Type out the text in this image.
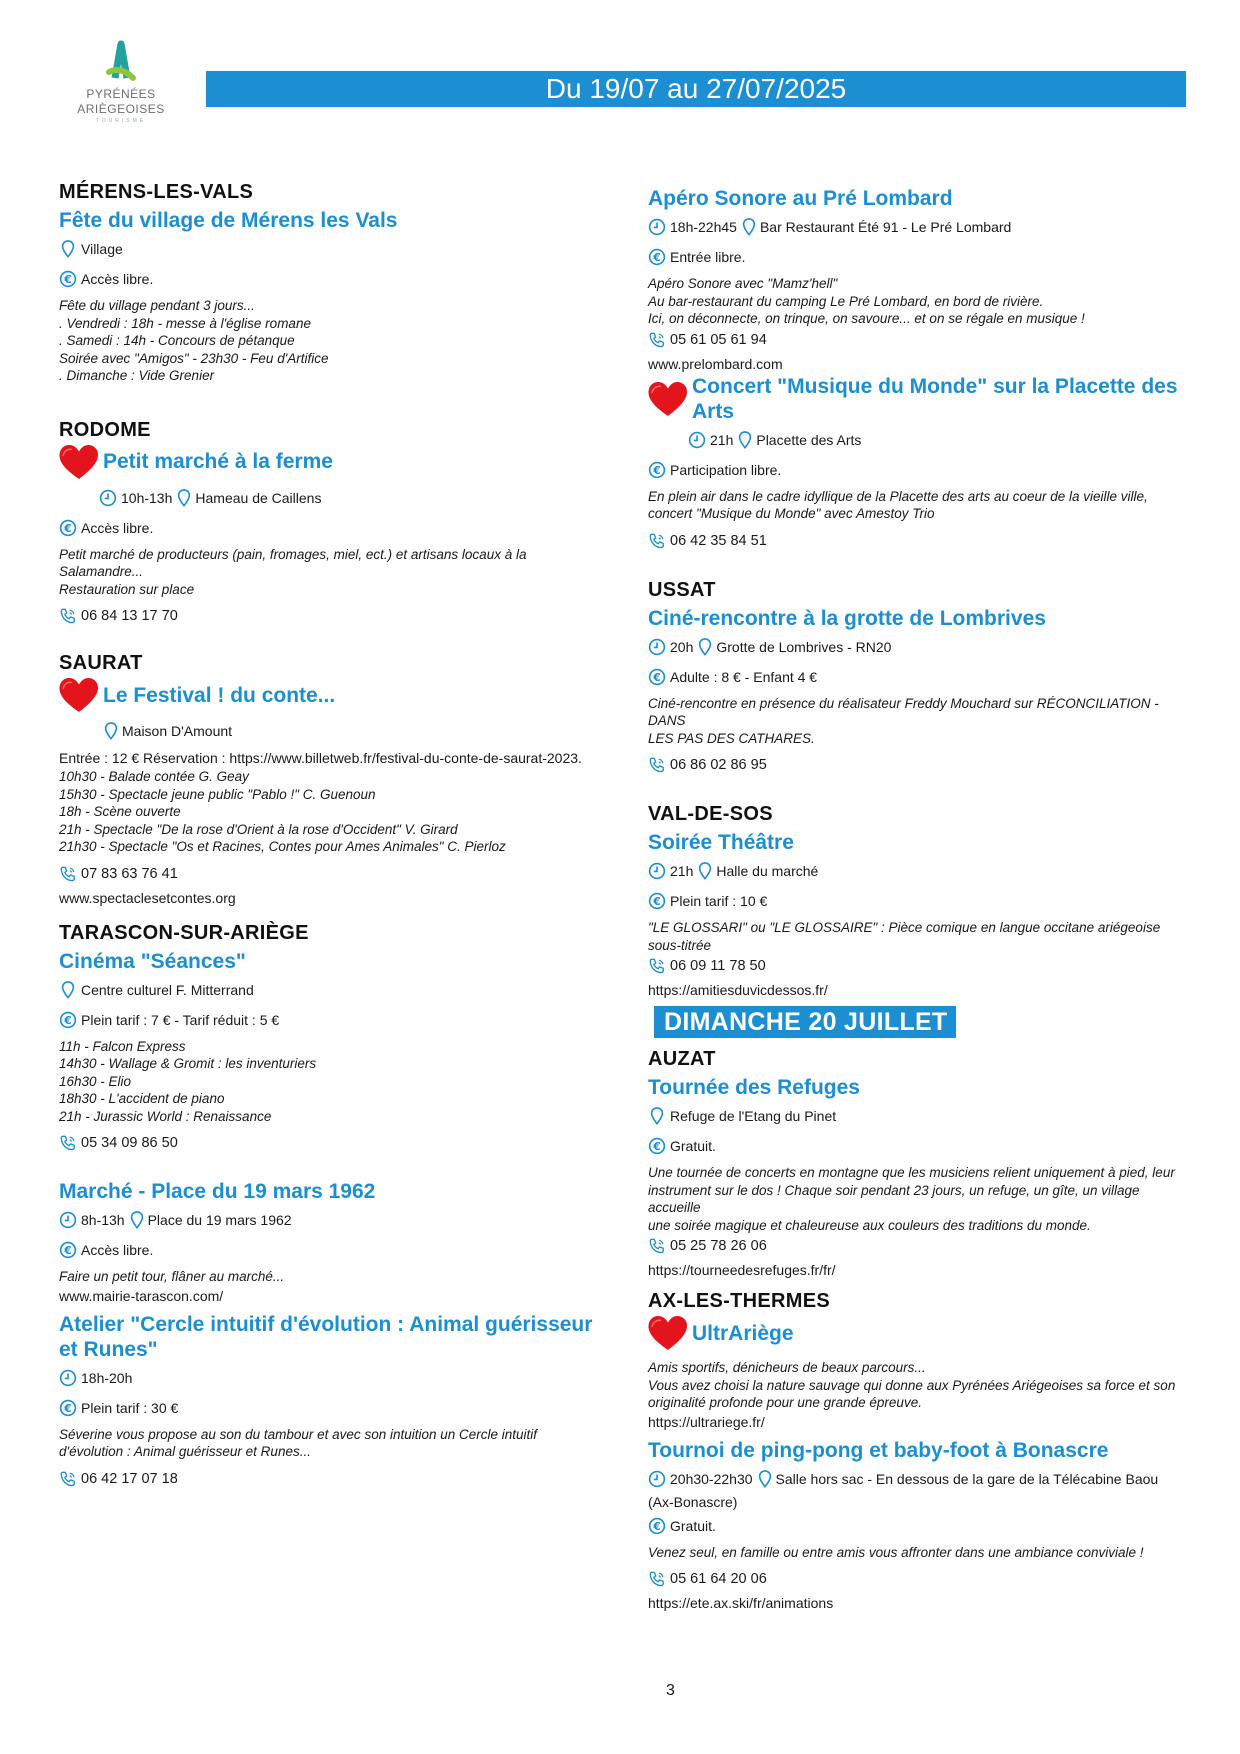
PYRÉNÉES
ARIÈGEOISES
TOURISME
Du 19/07 au 27/07/2025
MÉRENS-LES-VALS
Fête du village de Mérens les Vals
Village
Accès libre.
Fête du village pendant 3 jours...
. Vendredi : 18h - messe à l'église romane
. Samedi : 14h - Concours de pétanque
Soirée avec "Amigos" - 23h30 - Feu d'Artifice
. Dimanche : Vide Grenier
RODOME
Petit marché à la ferme
10h-13h Hameau de Caillens
Accès libre.
Petit marché de producteurs (pain, fromages, miel, ect.) et artisans locaux à la
Salamandre...
Restauration sur place
06 84 13 17 70
SAURAT
Le Festival ! du conte...
Maison D'Amount
Entrée : 12 € Réservation : https://www.billetweb.fr/festival-du-conte-de-saurat-2023.
10h30 - Balade contée G. Geay
15h30 - Spectacle jeune public "Pablo !" C. Guenoun
18h - Scène ouverte
21h - Spectacle "De la rose d'Orient à la rose d'Occident" V. Girard
21h30 - Spectacle "Os et Racines, Contes pour Ames Animales" C. Pierloz
07 83 63 76 41
www.spectaclesetcontes.org
TARASCON-SUR-ARIÈGE
Cinéma "Séances"
Centre culturel F. Mitterrand
Plein tarif : 7 € - Tarif réduit : 5 €
11h - Falcon Express
14h30 - Wallage & Gromit : les inventuriers
16h30 - Elio
18h30 - L'accident de piano
21h - Jurassic World : Renaissance
05 34 09 86 50
Marché - Place du 19 mars 1962
8h-13h Place du 19 mars 1962
Accès libre.
Faire un petit tour, flâner au marché...
www.mairie-tarascon.com/
Atelier "Cercle intuitif d'évolution : Animal guérisseur et Runes"
18h-20h
Plein tarif : 30 €
Séverine vous propose au son du tambour et avec son intuition un Cercle intuitif
d'évolution : Animal guérisseur et Runes...
06 42 17 07 18
Apéro Sonore au Pré Lombard
18h-22h45 Bar Restaurant Été 91 - Le Pré Lombard
Entrée libre.
Apéro Sonore avec "Mamz'hell"
Au bar-restaurant du camping Le Pré Lombard, en bord de rivière.
Ici, on déconnecte, on trinque, on savoure... et on se régale en musique !
05 61 05 61 94
www.prelombard.com
Concert "Musique du Monde" sur la Placette des Arts
21h Placette des Arts
Participation libre.
En plein air dans le cadre idyllique de la Placette des arts au coeur de la vieille ville,
concert "Musique du Monde" avec Amestoy Trio
06 42 35 84 51
USSAT
Ciné-rencontre à la grotte de Lombrives
20h Grotte de Lombrives - RN20
Adulte : 8 € - Enfant 4 €
Ciné-rencontre en présence du réalisateur Freddy Mouchard sur RÉCONCILIATION - DANS
LES PAS DES CATHARES.
06 86 02 86 95
VAL-DE-SOS
Soirée Théâtre
21h Halle du marché
Plein tarif : 10 €
"LE GLOSSARI" ou "LE GLOSSAIRE" : Pièce comique en langue occitane ariégeoise
sous-titrée
06 09 11 78 50
https://amitiesduvicdessos.fr/
DIMANCHE 20 JUILLET
AUZAT
Tournée des Refuges
Refuge de l'Etang du Pinet
Gratuit.
Une tournée de concerts en montagne que les musiciens relient uniquement à pied, leur
instrument sur le dos ! Chaque soir pendant 23 jours, un refuge, un gîte, un village accueille
une soirée magique et chaleureuse aux couleurs des traditions du monde.
05 25 78 26 06
https://tourneedesrefuges.fr/fr/
AX-LES-THERMES
UltrAriège
Amis sportifs, dénicheurs de beaux parcours...
Vous avez choisi la nature sauvage qui donne aux Pyrénées Ariégeoises sa force et son
originalité profonde pour une grande épreuve.
https://ultrariege.fr/
Tournoi de ping-pong et baby-foot à Bonascre
20h30-22h30 Salle hors sac - En dessous de la gare de la Télécabine Baou
(Ax-Bonascre)
Gratuit.
Venez seul, en famille ou entre amis vous affronter dans une ambiance conviviale !
05 61 64 20 06
https://ete.ax.ski/fr/animations
3
